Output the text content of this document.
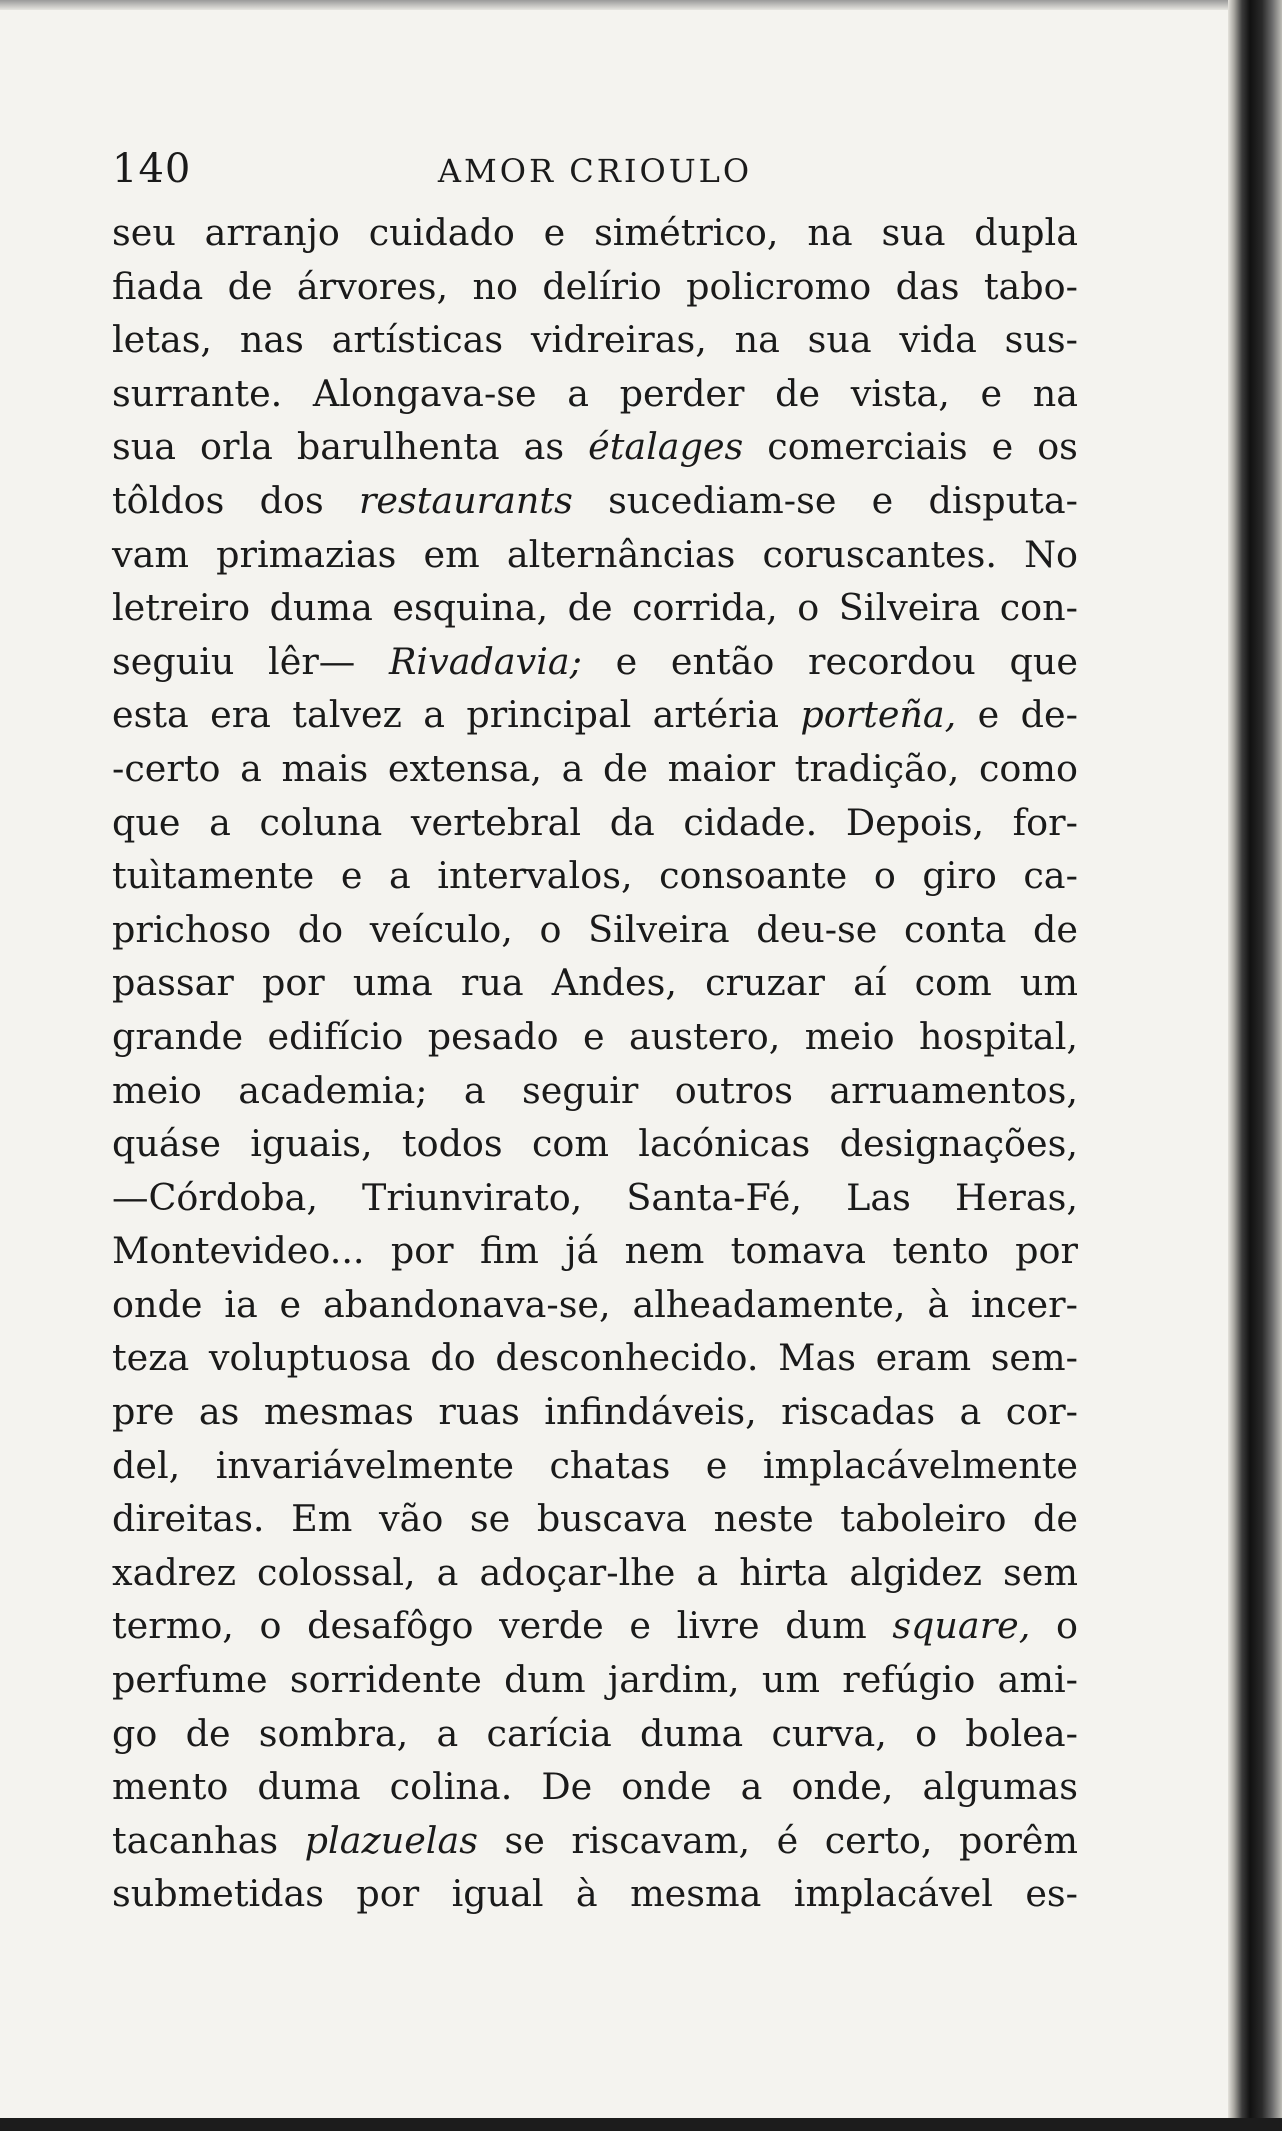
140	AMOR CRIOULO
seu arranjo cuidado e simétrico, na sua dupla
fiada de árvores, no delírio policromo das tabo-
letas, nas artísticas vidreiras, na sua vida sus-
surrante. Alongava-se a perder de vista, e na
sua orla barulhenta as étalages comerciais e os
tôldos dos restaurants sucediam-se e disputa-
vam primazias em alternâncias coruscantes. No
letreiro duma esquina, de corrida, o Silveira con-
seguiu lêr— Rivadavia; e então recordou que
esta era talvez a principal artéria porteña, e de-
-certo a mais extensa, a de maior tradição, como
que a coluna vertebral da cidade. Depois, for-
tuìtamente e a intervalos, consoante o giro ca-
prichoso do veículo, o Silveira deu-se conta de
passar por uma rua Andes, cruzar aí com um
grande edifício pesado e austero, meio hospital,
meio academia; a seguir outros arruamentos,
quáse iguais, todos com lacónicas designações,
—Córdoba, Triunvirato, Santa-Fé, Las Heras,
Montevideo... por fim já nem tomava tento por
onde ia e abandonava-se, alheadamente, à incer-
teza voluptuosa do desconhecido. Mas eram sem-
pre as mesmas ruas infindáveis, riscadas a cor-
del, invariávelmente chatas e implacávelmente
direitas. Em vão se buscava neste taboleiro de
xadrez colossal, a adoçar-lhe a hirta algidez sem
termo, o desafôgo verde e livre dum square, o
perfume sorridente dum jardim, um refúgio ami-
go de sombra, a carícia duma curva, o bolea-
mento duma colina. De onde a onde, algumas
tacanhas plazuelas se riscavam, é certo, porêm
submetidas por igual à mesma implacável es-
